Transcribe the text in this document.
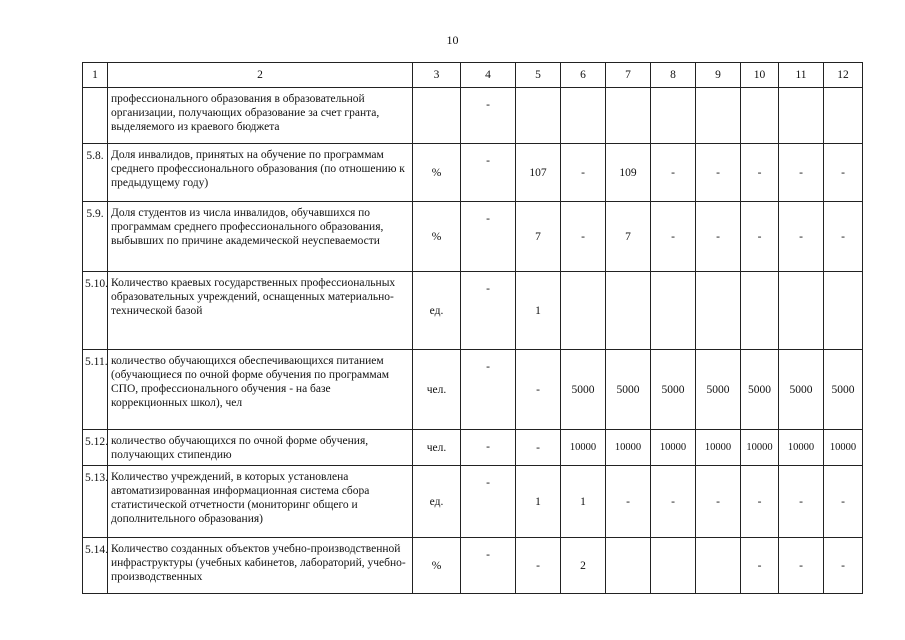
10
1	2	3	4	5	6	7	8	9	10	11	12
	профессионального образования в образовательной организации, получающих образование за счет гранта, выделяемого из краевого бюджета		-								
5.8.	Доля инвалидов, принятых на обучение по программам среднего профессионального образования (по отношению к предыдущему году)	%	-	107	-	109	-	-	-	-	-
5.9.	Доля студентов из числа инвалидов, обучавшихся по программам среднего профессионального образования, выбывших по причине академической неуспеваемости	%	-	7	-	7	-	-	-	-	-
5.10.	Количество краевых государственных профессиональных образовательных учреждений, оснащенных материально-технической базой	ед.	-	1							
5.11.	количество обучающихся обеспечивающихся питанием (обучающиеся по очной форме обучения по программам СПО, профессионального обучения - на базе коррекционных школ), чел	чел.	-	-	5000	5000	5000	5000	5000	5000	5000
5.12.	количество обучающихся по очной форме обучения, получающих стипендию	чел.	-	-	10000	10000	10000	10000	10000	10000	10000
5.13.	Количество учреждений, в которых установлена автоматизированная информационная система сбора статистической отчетности (мониторинг общего и дополнительного образования)	ед.	-	1	1	-	-	-	-	-	-
5.14.	Количество созданных объектов учебно-производственной инфраструктуры (учебных кабинетов, лабораторий, учебно-производственных	%	-	-	2				-	-	-
